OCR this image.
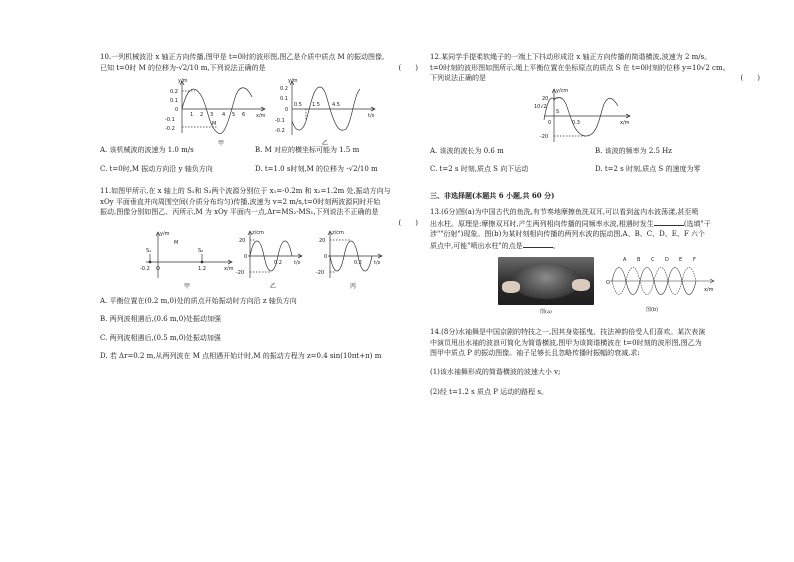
10.一列机械波沿 x 轴正方向传播,图甲是 t=0时的波形图,图乙是介质中质点 M 的振动图像,

已知 t=0时 M 的位移为-√2/10 m,下列说法正确的是	(　　)

y/m
x/m
0.2
0.1
0
-0.1
-0.2
1 2 3 4 5 6
M
甲
y/m
t/s
0.2
0.1
0
-0.1
-0.2
0.5 1.5 4.5
乙
A. 该机械波的波速为 1.0 m/s	B. M 对应的横坐标可能为 1.5 m C. t=0时,M 振动方向沿 y 轴负方向	D. t=1.0 s时刻,M 的位移为 -√2/10 m

11.如图甲所示,在 x 轴上的 S₁和 S₂两个波源分别位于 x₁=-0.2m 和 x₂=1.2m 处,振动方向与

xOy 平面垂直并向周围空间(介质分布均匀)传播,波速为 v=2 m/s,t=0时刻两波源同时开始

振动,图像分别如图乙、丙所示,M 为 xOy 平面内一点,Δr=MS₂-MS₁,下列说法不正确的是

(　　)

y/m
x/m
S₁	S₂
M
-0.2 O	1.2
甲
z/cm
t/s
20
0
-20
0.2
乙
z/cm
t/s
20
0
-20
0.2
丙
A. 平衡位置在(0.2 m,0)处的质点开始振动时方向沿 z 轴负方向
B. 两列波相遇后,(0.6 m,0)处振动加强
C. 两列波相遇后,(0.5 m,0)处振动加强
D. 若 Δr=0.2 m,从两列波在 M 点相遇开始计时,M 的振动方程为 z=0.4 sin(10πt+π) m

12.某同学手提柔软绳子的一端上下抖动形成沿 x 轴正方向传播的简谐横波,波速为 2 m/s。

t=0时刻的波形图如图所示,绳上平衡位置在坐标原点的质点 S 在 t=0时刻的位移 y=10√2 cm。

下列说法正确的是	(　　)

y/cm
x/m
20
10√2
0
-20
0.3
S
A. 该波的波长为 0.6 m	B. 该波的频率为 2.5 Hz C. t=2 s 时刻,质点 S 向下运动	D. t=2 s 时刻,质点 S 的速度为零
三、非选择题(本题共 6 小题,共 60 分)

13.(6分)图(a)为中国古代的鱼洗,有节奏地摩擦鱼洗双耳,可以看到盆内水波荡漾,甚至喷

出水柱。原理是:摩擦双耳时,产生两列相向传播的同频率水波,相遇时发生	(选填"干

涉""衍射")现象。图(b)为某时刻相向传播的两列水波的振动图,A、B、C、D、E、F 六个

质点中,可能"喷出水柱"的点是	。

图(a)
x/m
O
A B C D E F
图(b)

14.(8分)水袖舞是中国京剧的特技之一,因其身姿摇曳、技法神韵倍受人们喜欢。某次表演

中演员甩出水袖的波浪可简化为简谐横波,图甲为该简谐横波在 t=0时刻的波形图,图乙为

图甲中质点 P 的振动图像。袖子足够长且忽略传播时振幅的衰减,求:

(1)该水袖舞形成的简谐横波的波速大小 v;

(2)经 t=1.2 s 质点 P 运动的路程 s。
